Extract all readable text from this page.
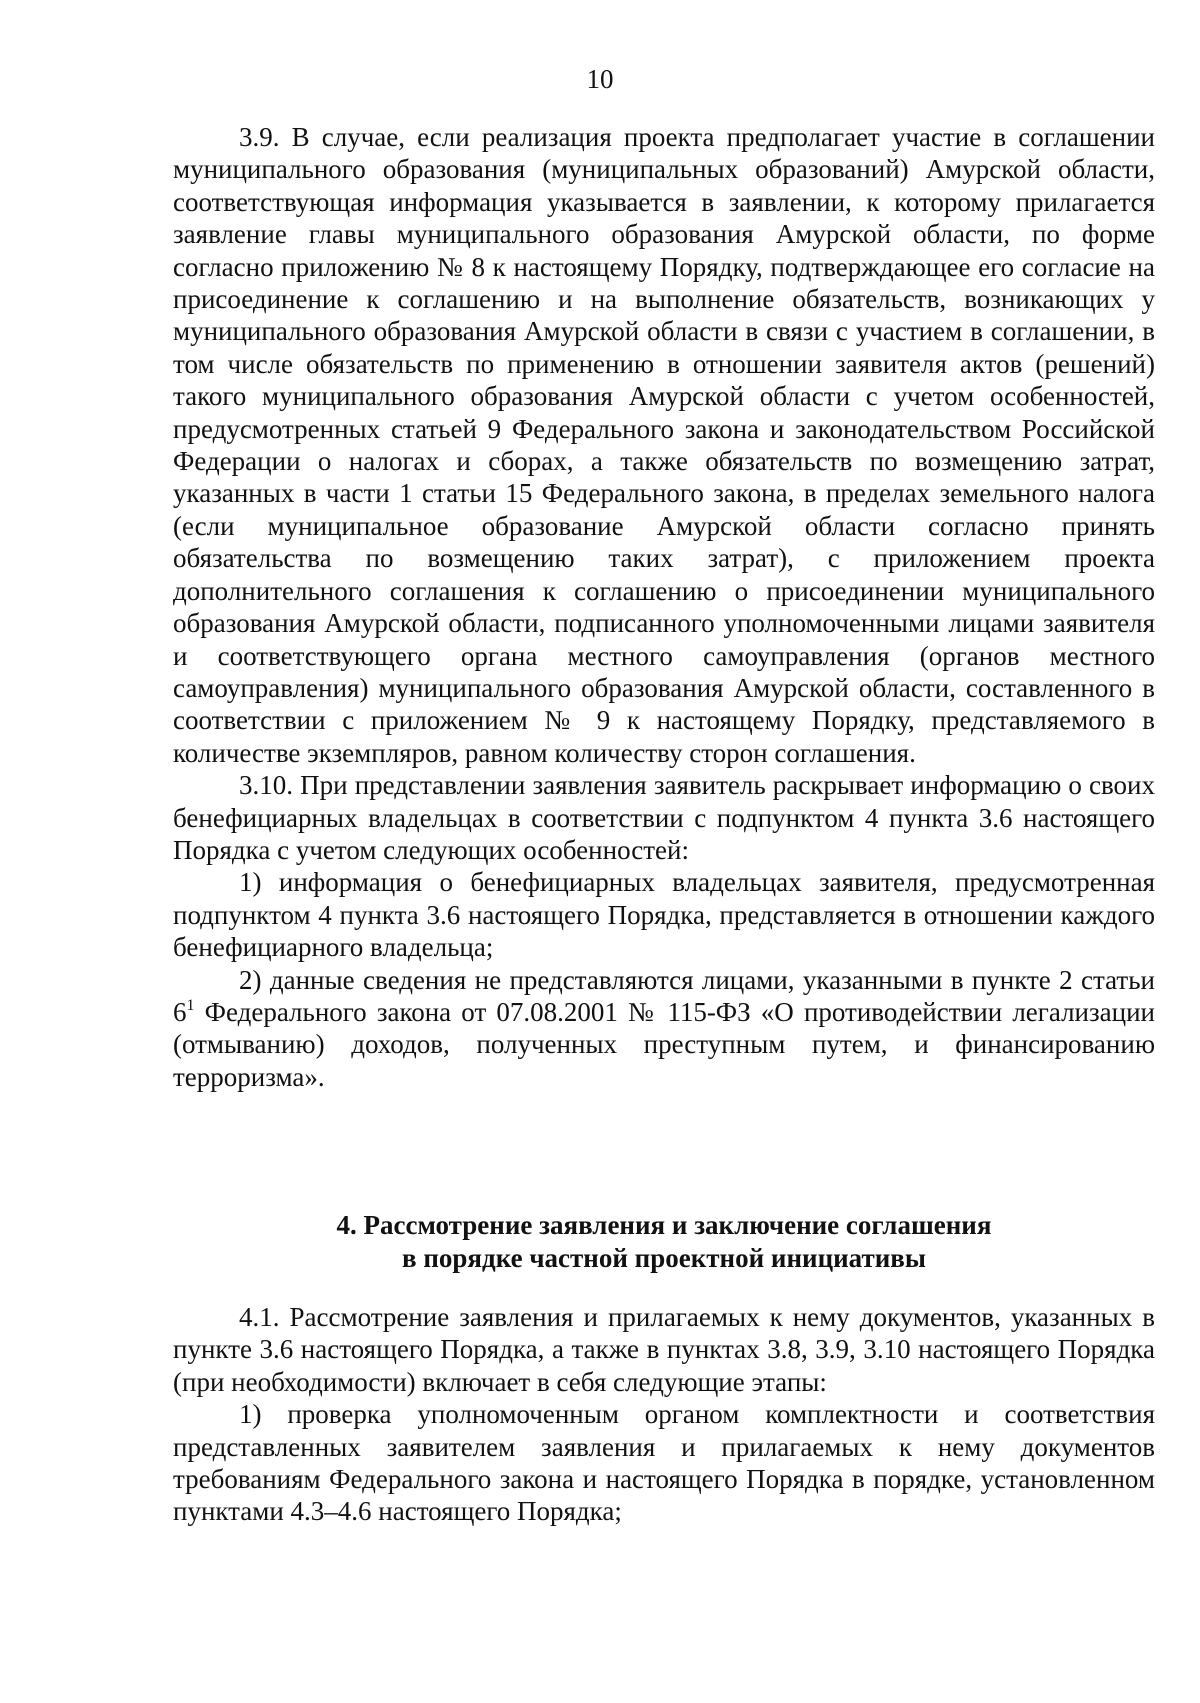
10

3.9. В случае, если реализация проекта предполагает участие в соглашении муниципального образования (муниципальных образований) Амурской области, соответствующая информация указывается в заявлении, к которому прилагается заявление главы муниципального образования Амурской области, по форме согласно приложению № 8 к настоящему Порядку, подтверждающее его согласие на присоединение к соглашению и на выполнение обязательств, возникающих у муниципального образования Амурской области в связи с участием в соглашении, в том числе обязательств по применению в отношении заявителя актов (решений) такого муниципального образования Амурской области с учетом особенностей, предусмотренных статьей 9 Федерального закона и законодательством Российской Федерации о налогах и сборах, а также обязательств по возмещению затрат, указанных в части 1 статьи 15 Федерального закона, в пределах земельного налога (если муниципальное образование Амурской области согласно принять обязательства по возмещению таких затрат), с приложением проекта дополнительного соглашения к соглашению о присоединении муниципального образования Амурской области, подписанного уполномоченными лицами заявителя и соответствующего органа местного самоуправления (органов местного самоуправления) муниципального образования Амурской области, составленного в соответствии с приложением № 9 к настоящему Порядку, представляемого в количестве экземпляров, равном количеству сторон соглашения.

3.10. При представлении заявления заявитель раскрывает информацию о своих бенефициарных владельцах в соответствии с подпунктом 4 пункта 3.6 настоящего Порядка с учетом следующих особенностей:

1) информация о бенефициарных владельцах заявителя, предусмотренная подпунктом 4 пункта 3.6 настоящего Порядка, представляется в отношении каждого бенефициарного владельца;

2) данные сведения не представляются лицами, указанными в пункте 2 статьи $6^1$ Федерального закона от 07.08.2001 № 115-ФЗ «О противодействии легализации (отмыванию) доходов, полученных преступным путем, и финансированию терроризма».

4. Рассмотрение заявления и заключение соглашения
в порядке частной проектной инициативы

4.1. Рассмотрение заявления и прилагаемых к нему документов, указанных в пункте 3.6 настоящего Порядка, а также в пунктах 3.8, 3.9, 3.10 настоящего Порядка (при необходимости) включает в себя следующие этапы:

1) проверка уполномоченным органом комплектности и соответствия представленных заявителем заявления и прилагаемых к нему документов требованиям Федерального закона и настоящего Порядка в порядке, установленном пунктами 4.3–4.6 настоящего Порядка;
